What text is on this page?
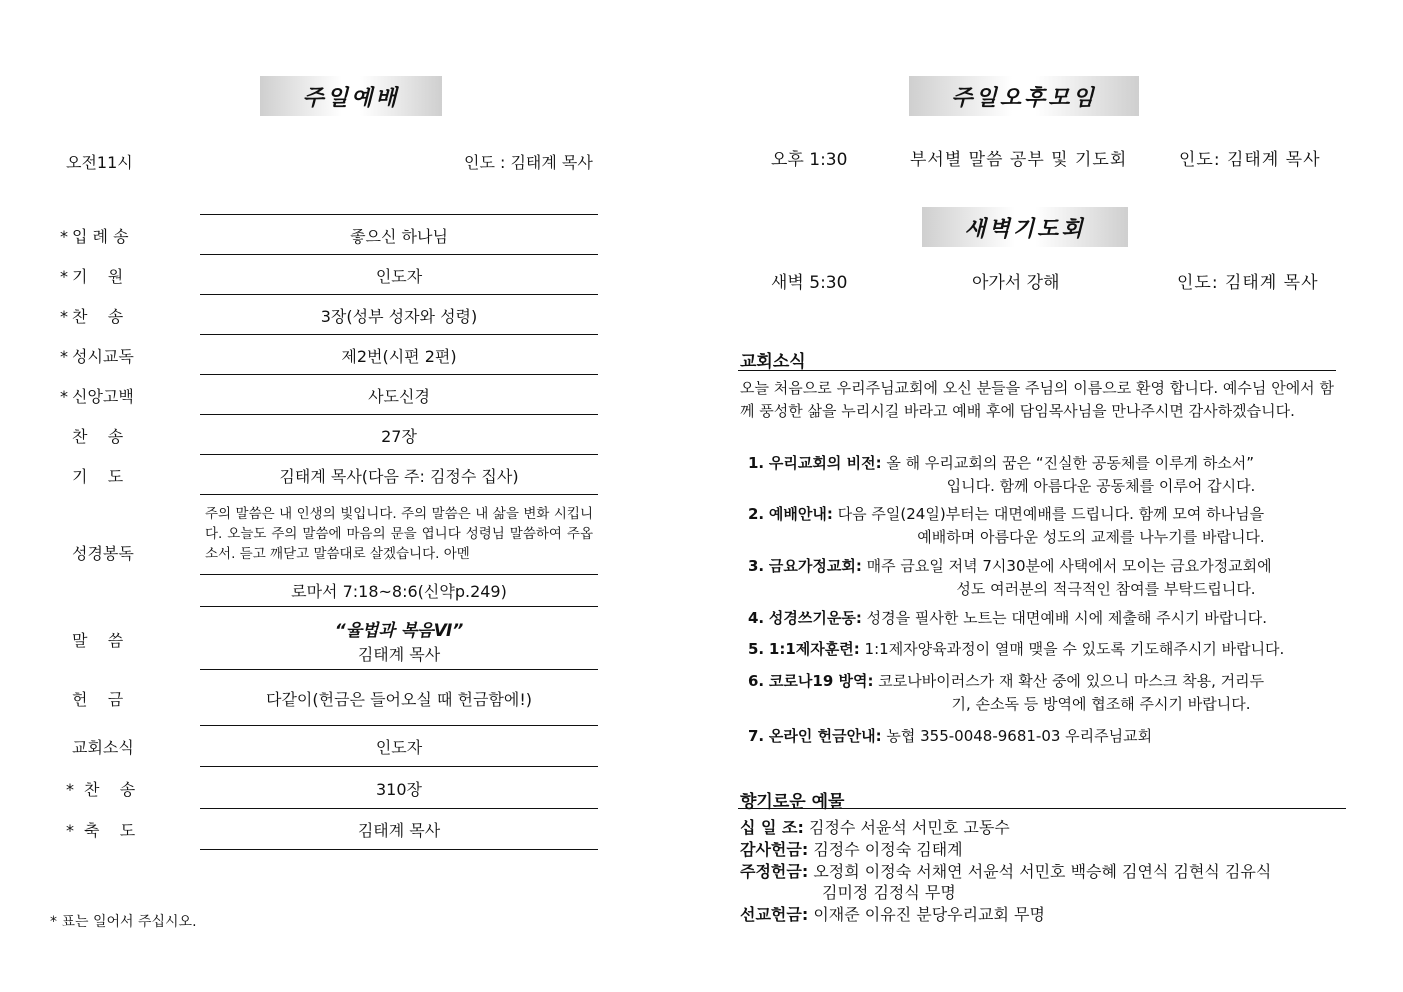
주일예배
오전11시	인도 : 김태계 목사
* 입 례 송	좋으신 하나님
* 기    원	인도자
* 찬    송	3장(성부 성자와 성령)
* 성시교독	제2번(시편 2편)
* 신앙고백	사도신경
찬    송	27장
기    도	김태계 목사(다음 주: 김정수 집사)
성경봉독
주의 말씀은 내 인생의 빛입니다. 주의 말씀은 내 삶을 변화 시킵니다. 오늘도 주의 말씀에 마음의 문을 엽니다 성령님 말씀하여 주옵소서. 듣고 깨닫고 말씀대로 살겠습니다. 아멘
로마서 7:18~8:6(신약p.249)
말    씀	“율법과 복음Ⅵ”
김태계 목사
헌    금	다같이(헌금은 들어오실 때 헌금함에!)
교회소식	인도자
* 찬    송	310장
* 축    도	김태계 목사
* 표는 일어서 주십시오.
주일오후모임
오후 1:30	부서별 말씀 공부 및 기도회	인도: 김태계 목사
새벽기도회
새벽 5:30	아가서 강해	인도: 김태계 목사
교회소식
오늘 처음으로 우리주님교회에 오신 분들을 주님의 이름으로 환영 합니다. 예수님 안에서 함께 풍성한 삶을 누리시길 바라고 예배 후에 담임목사님을 만나주시면 감사하겠습니다.
1. 우리교회의 비전: 올 해 우리교회의 꿈은 “진실한 공동체를 이루게 하소서”
입니다. 함께 아름다운 공동체를 이루어 갑시다.
2. 예배안내: 다음 주일(24일)부터는 대면예배를 드립니다. 함께 모여 하나님을
예배하며 아름다운 성도의 교제를 나누기를 바랍니다.
3. 금요가정교회: 매주 금요일 저녁 7시30분에 사택에서 모이는 금요가정교회에
성도 여러분의 적극적인 참여를 부탁드립니다.
4. 성경쓰기운동: 성경을 필사한 노트는 대면예배 시에 제출해 주시기 바랍니다.
5. 1:1제자훈련: 1:1제자양육과정이 열매 맺을 수 있도록 기도해주시기 바랍니다.
6. 코로나19 방역: 코로나바이러스가 재 확산 중에 있으니 마스크 착용, 거리두
기, 손소독 등 방역에 협조해 주시기 바랍니다.
7. 온라인 헌금안내: 농협 355-0048-9681-03 우리주님교회
향기로운 예물
십 일 조: 김정수 서윤석 서민호 고동수
감사헌금: 김정수 이정숙 김태계
주정헌금: 오정희 이정숙 서채연 서윤석 서민호 백승혜 김연식 김현식 김유식
김미정 김정식 무명
선교헌금: 이재준 이유진 분당우리교회 무명
